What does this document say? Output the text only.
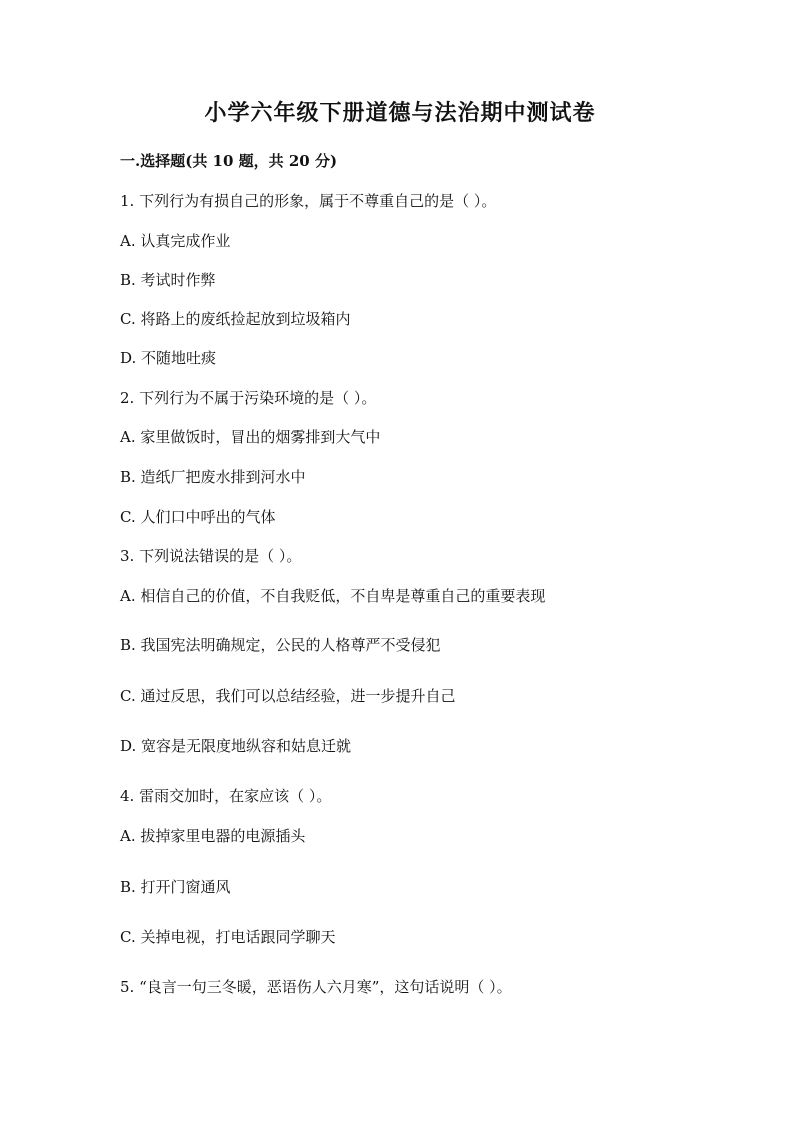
小学六年级下册道德与法治期中测试卷
一.选择题(共 10 题，共 20 分)
1. 下列行为有损自己的形象，属于不尊重自己的是（ ）。
A. 认真完成作业
B. 考试时作弊
C. 将路上的废纸捡起放到垃圾箱内
D. 不随地吐痰
2. 下列行为不属于污染环境的是（ ）。
A. 家里做饭时，冒出的烟雾排到大气中
B. 造纸厂把废水排到河水中
C. 人们口中呼出的气体
3. 下列说法错误的是（ ）。
A. 相信自己的价值，不自我贬低，不自卑是尊重自己的重要表现
B. 我国宪法明确规定，公民的人格尊严不受侵犯
C. 通过反思，我们可以总结经验，进一步提升自己
D. 宽容是无限度地纵容和姑息迁就
4. 雷雨交加时，在家应该（ ）。
A. 拔掉家里电器的电源插头
B. 打开门窗通风
C. 关掉电视，打电话跟同学聊天
5. “良言一句三冬暖，恶语伤人六月寒”，这句话说明（ ）。
